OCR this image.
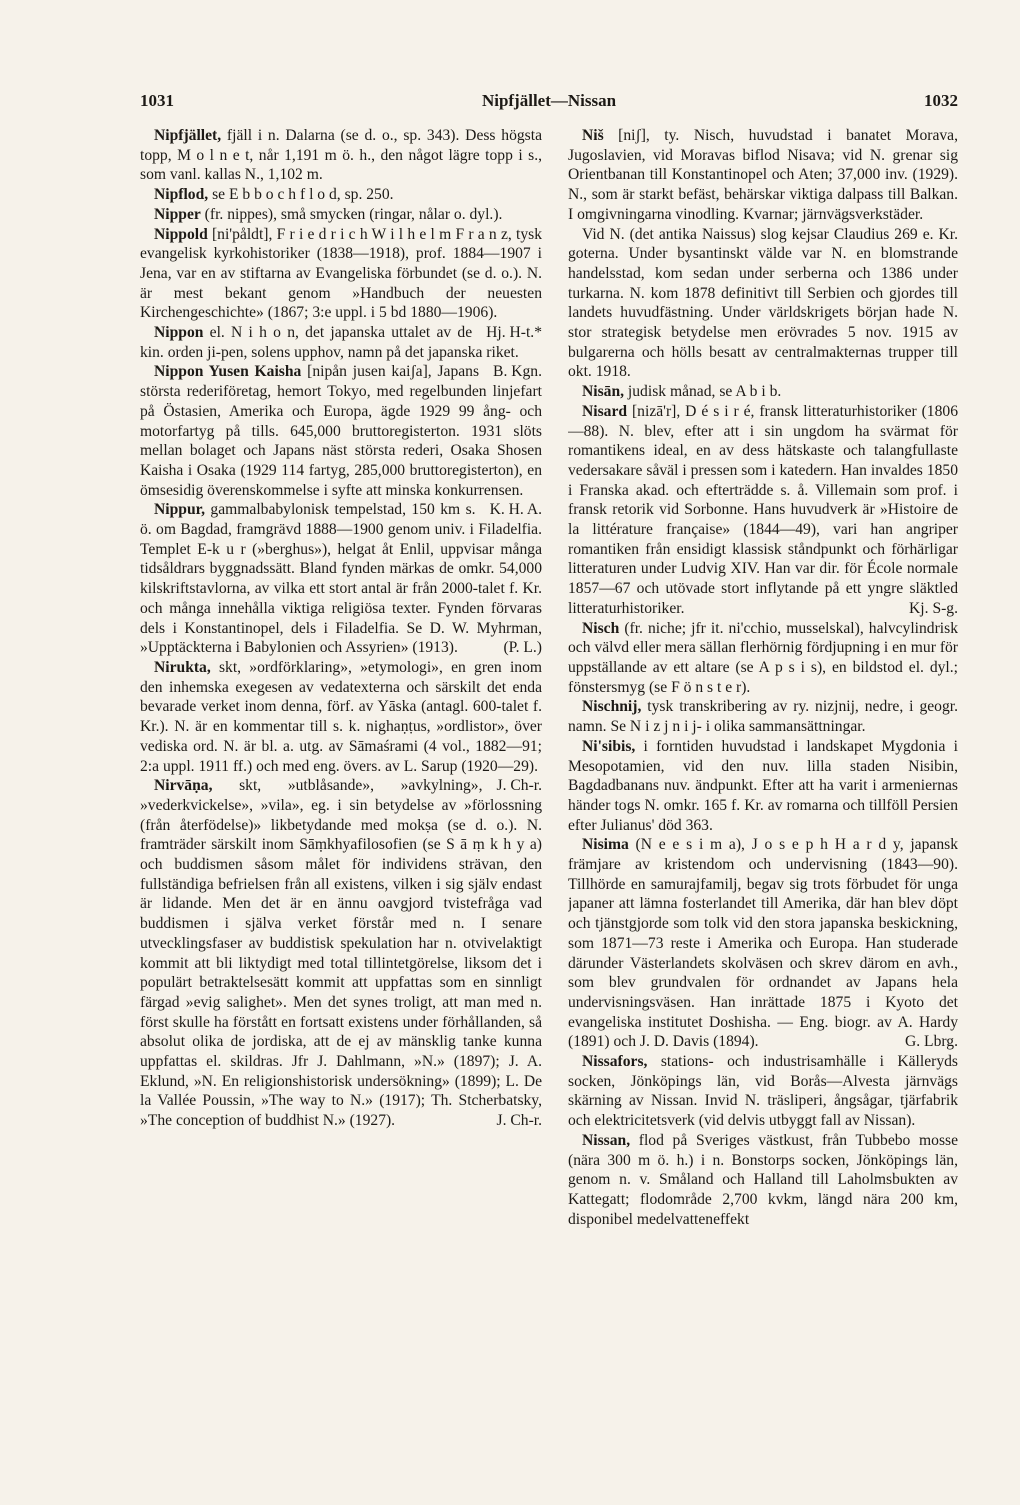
1031	Nipfjället—Nissan	1032

Nipfjället, fjäll i n. Dalarna (se d. o., sp. 343). Dess högsta topp, M o l n e t, når 1,191 m ö. h., den något lägre topp i s., som vanl. kallas N., 1,102 m.

Nipflod, se E b b o c h f l o d, sp. 250.

Nipper (fr. nippes), små smycken (ringar, nålar o. dyl.).

Nippold [ni'påldt], F r i e d r i c h W i l h e l m F r a n z, tysk evangelisk kyrkohistoriker (1838—1918), prof. 1884—1907 i Jena, var en av stiftarna av Evangeliska förbundet (se d. o.). N. är mest bekant genom »Handbuch der neuesten Kirchengeschichte» (1867; 3:e uppl. i 5 bd 1880—1906).
Hj. H-t.*

Nippon el. N i h o n, det japanska uttalet av de kin. orden ji-pen, solens upphov, namn på det japanska riket.
B. Kgn.

Nippon Yusen Kaisha [nipån jusen kaiʃa], Japans största rederiföretag, hemort Tokyo, med regelbunden linjefart på Östasien, Amerika och Europa, ägde 1929 99 ång- och motorfartyg på tills. 645,000 bruttoregisterton. 1931 slöts mellan bolaget och Japans näst största rederi, Osaka Shosen Kaisha i Osaka (1929 114 fartyg, 285,000 bruttoregisterton), en ömsesidig överenskommelse i syfte att minska konkurrensen.
K. H. A.

Nippur, gammalbabylonisk tempelstad, 150 km s. ö. om Bagdad, framgrävd 1888—1900 genom univ. i Filadelfia. Templet E-k u r (»berghus»), helgat åt Enlil, uppvisar många tidsåldrars byggnadssätt. Bland fynden märkas de omkr. 54,000 kilskriftstavlorna, av vilka ett stort antal är från 2000-talet f. Kr. och många innehålla viktiga religiösa texter. Fynden förvaras dels i Konstantinopel, dels i Filadelfia. Se D. W. Myhrman, »Upptäckterna i Babylonien och Assyrien» (1913).	(P. L.)

Nirukta, skt, »ordförklaring», »etymologi», en gren inom den inhemska exegesen av vedatexterna och särskilt det enda bevarade verket inom denna, förf. av Yāska (antagl. 600-talet f. Kr.). N. är en kommentar till s. k. nighaṇṭus, »ordlistor», över vediska ord. N. är bl. a. utg. av Sāmaśrami (4 vol., 1882—91; 2:a uppl. 1911 ff.) och med eng. övers. av L. Sarup (1920—29).
J. Ch-r.

Nirvāṇa, skt, »utblåsande», »avkylning», »vederkvickelse», »vila», eg. i sin betydelse av »förlossning (från återfödelse)» likbetydande med mokṣa (se d. o.). N. framträder särskilt inom Sāṃkhyafilosofien (se S ā ṃ k h y a) och buddismen såsom målet för individens strävan, den fullständiga befrielsen från all existens, vilken i sig själv endast är lidande. Men det är en ännu oavgjord tvistefråga vad buddismen i själva verket förstår med n. I senare utvecklingsfaser av buddistisk spekulation har n. otvivelaktigt kommit att bli liktydigt med total tillintetgörelse, liksom det i populärt betraktelsesätt kommit att uppfattas som en sinnligt färgad »evig salighet». Men det synes troligt, att man med n. först skulle ha förstått en fortsatt existens under förhållanden, så absolut olika de jordiska, att de ej av mänsklig tanke kunna uppfattas el. skildras. Jfr J. Dahlmann, »N.» (1897); J. A. Eklund, »N. En religionshistorisk undersökning» (1899); L. De la Vallée Poussin, »The way to N.» (1917); Th. Stcherbatsky, »The conception of buddhist N.» (1927).	J. Ch-r.

Niš [niʃ], ty. Nisch, huvudstad i banatet Morava, Jugoslavien, vid Moravas biflod Nisava; vid N. grenar sig Orientbanan till Konstantinopel och Aten; 37,000 inv. (1929). N., som är starkt befäst, behärskar viktiga dalpass till Balkan. I omgivningarna vinodling. Kvarnar; järnvägsverkstäder.

Vid N. (det antika Naissus) slog kejsar Claudius 269 e. Kr. goterna. Under bysantinskt välde var N. en blomstrande handelsstad, kom sedan under serberna och 1386 under turkarna. N. kom 1878 definitivt till Serbien och gjordes till landets huvudfästning. Under världskrigets början hade N. stor strategisk betydelse men erövrades 5 nov. 1915 av bulgarerna och hölls besatt av centralmakternas trupper till okt. 1918.

Nisān, judisk månad, se A b i b.

Nisard [nizā'r], D é s i r é, fransk litteraturhistoriker (1806—88). N. blev, efter att i sin ungdom ha svärmat för romantikens ideal, en av dess hätskaste och talangfullaste vedersakare såväl i pressen som i katedern. Han invaldes 1850 i Franska akad. och efterträdde s. å. Villemain som prof. i fransk retorik vid Sorbonne. Hans huvudverk är »Histoire de la littérature française» (1844—49), vari han angriper romantiken från ensidigt klassisk ståndpunkt och förhärligar litteraturen under Ludvig XIV. Han var dir. för École normale 1857—67 och utövade stort inflytande på ett yngre släktled litteraturhistoriker.	Kj. S-g.

Nisch (fr. niche; jfr it. ni'cchio, musselskal), halvcylindrisk och välvd eller mera sällan flerhörnig fördjupning i en mur för uppställande av ett altare (se A p s i s), en bildstod el. dyl.; fönstersmyg (se F ö n s t e r).

Nischnij, tysk transkribering av ry. nizjnij, nedre, i geogr. namn. Se N i z j n i j- i olika sammansättningar.

Ni'sibis, i forntiden huvudstad i landskapet Mygdonia i Mesopotamien, vid den nuv. lilla staden Nisibin, Bagdadbanans nuv. ändpunkt. Efter att ha varit i armeniernas händer togs N. omkr. 165 f. Kr. av romarna och tillföll Persien efter Julianus' död 363.

Nisima (N e e s i m a), J o s e p h H a r d y, japansk främjare av kristendom och undervisning (1843—90). Tillhörde en samurajfamilj, begav sig trots förbudet för unga japaner att lämna fosterlandet till Amerika, där han blev döpt och tjänstgjorde som tolk vid den stora japanska beskickning, som 1871—73 reste i Amerika och Europa. Han studerade därunder Västerlandets skolväsen och skrev därom en avh., som blev grundvalen för ordnandet av Japans hela undervisningsväsen. Han inrättade 1875 i Kyoto det evangeliska institutet Doshisha. — Eng. biogr. av A. Hardy (1891) och J. D. Davis (1894).	G. Lbrg.

Nissafors, stations- och industrisamhälle i Källeryds socken, Jönköpings län, vid Borås—Alvesta järnvägs skärning av Nissan. Invid N. träsliperi, ångsågar, tjärfabrik och elektricitetsverk (vid delvis utbyggt fall av Nissan).

Nissan, flod på Sveriges västkust, från Tubbebo mosse (nära 300 m ö. h.) i n. Bonstorps socken, Jönköpings län, genom n. v. Småland och Halland till Laholmsbukten av Kattegatt; flodområde 2,700 kvkm, längd nära 200 km, disponibel medelvatteneffekt
